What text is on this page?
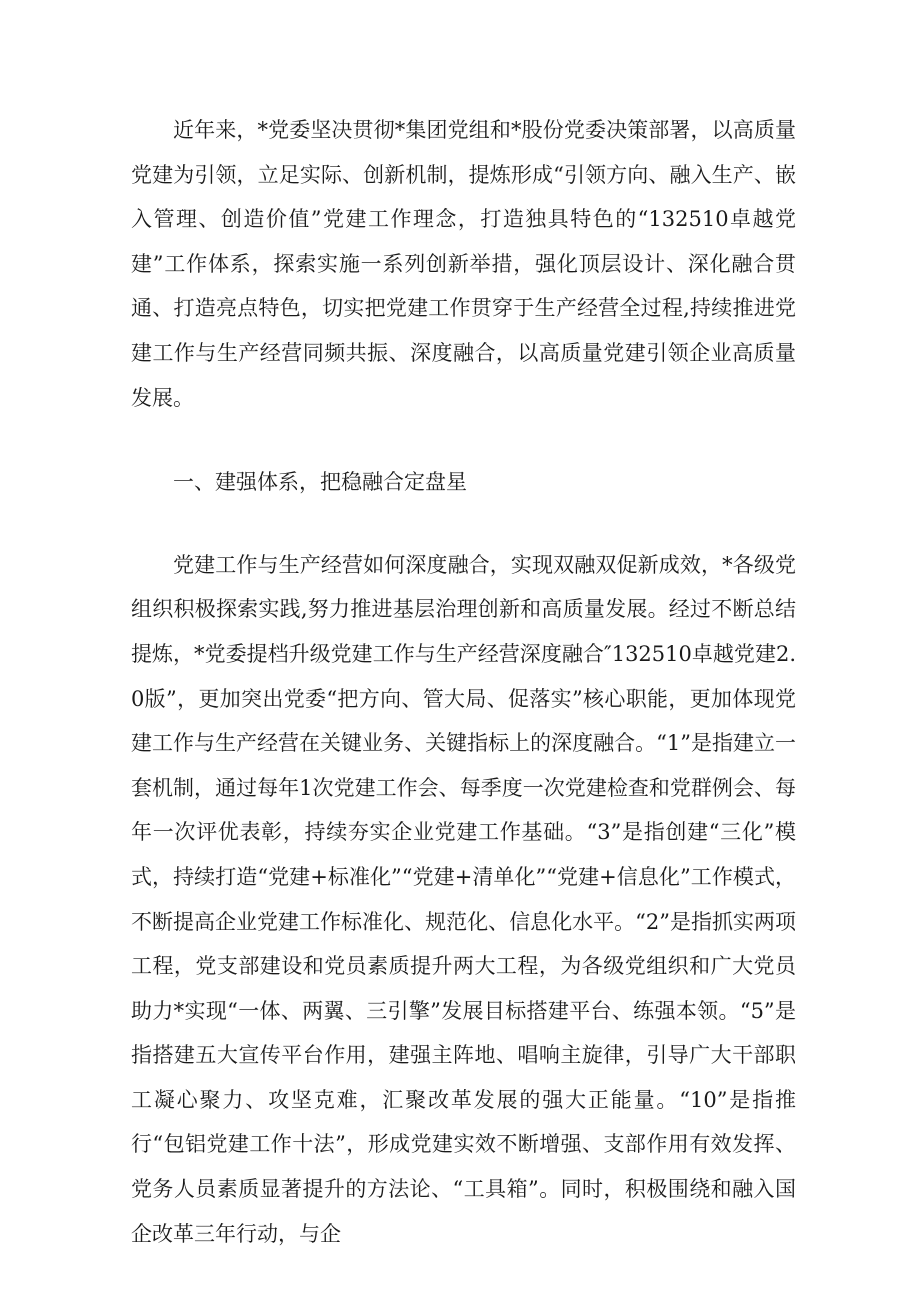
近年来，*党委坚决贯彻*集团党组和*股份党委决策部署，以高质量党建为引领，立足实际、创新机制，提炼形成“引领方向、融入生产、嵌入管理、创造价值”党建工作理念，打造独具特色的“132510卓越党建”工作体系，探索实施一系列创新举措，强化顶层设计、深化融合贯通、打造亮点特色，切实把党建工作贯穿于生产经营全过程,持续推进党建工作与生产经营同频共振、深度融合，以高质量党建引领企业高质量发展。

一、建强体系，把稳融合定盘星

党建工作与生产经营如何深度融合，实现双融双促新成效，*各级党组织积极探索实践,努力推进基层治理创新和高质量发展。经过不断总结提炼，*党委提档升级党建工作与生产经营深度融合″132510卓越党建2.0版”，更加突出党委“把方向、管大局、促落实”核心职能，更加体现党建工作与生产经营在关键业务、关键指标上的深度融合。“1”是指建立一套机制，通过每年1次党建工作会、每季度一次党建检查和党群例会、每年一次评优表彰，持续夯实企业党建工作基础。“3”是指创建“三化”模式，持续打造“党建+标准化”“党建+清单化”“党建+信息化”工作模式，不断提高企业党建工作标准化、规范化、信息化水平。“2”是指抓实两项工程，党支部建设和党员素质提升两大工程，为各级党组织和广大党员助力*实现“一体、两翼、三引擎”发展目标搭建平台、练强本领。“5”是指搭建五大宣传平台作用，建强主阵地、唱响主旋律，引导广大干部职工凝心聚力、攻坚克难，汇聚改革发展的强大正能量。“10”是指推行“包铝党建工作十法”，形成党建实效不断增强、支部作用有效发挥、党务人员素质显著提升的方法论、“工具箱”。同时，积极围绕和融入国企改革三年行动，与企
